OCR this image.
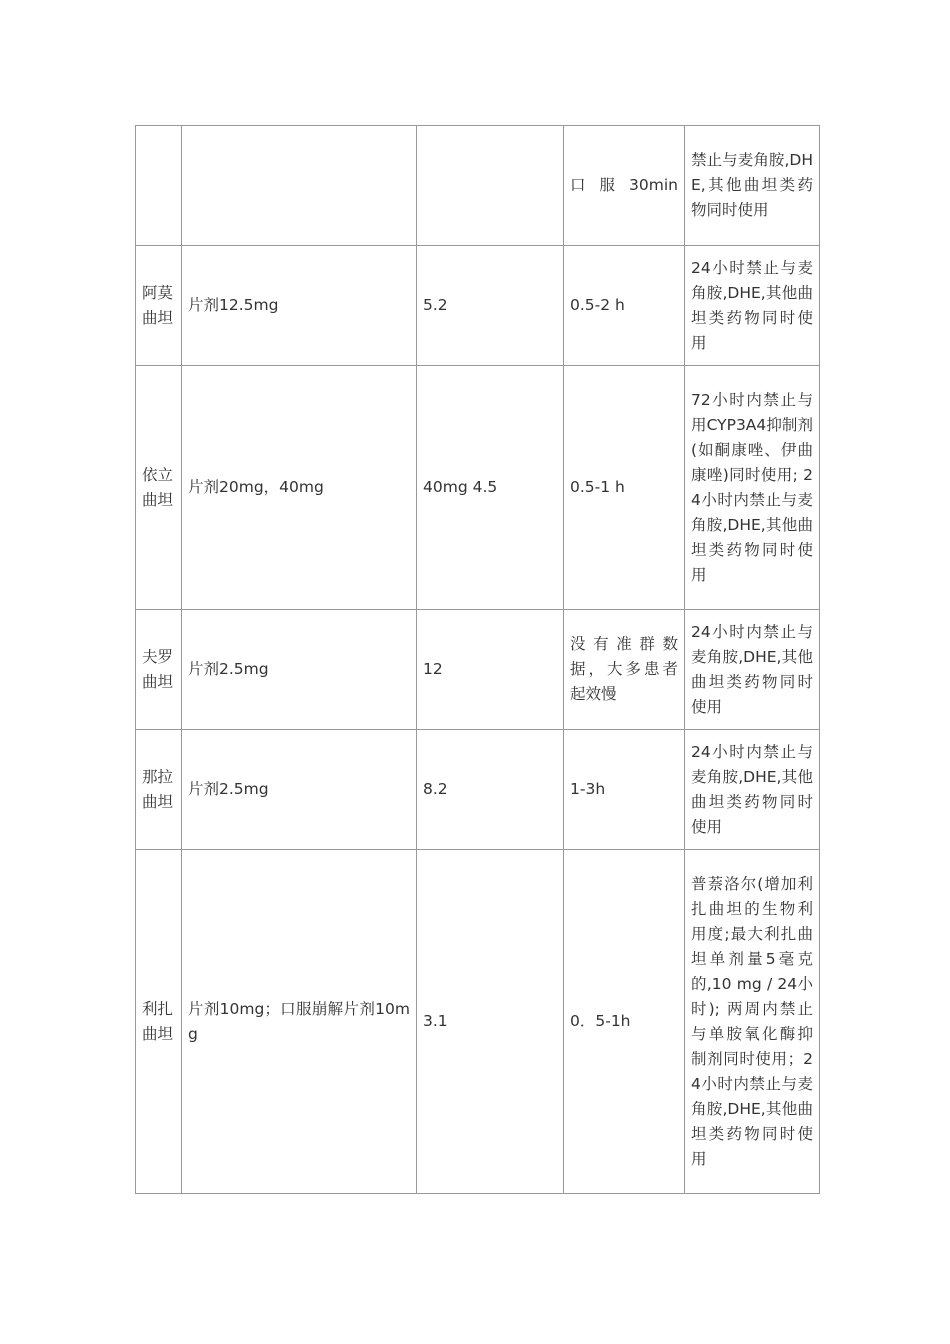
			口服30min	禁止与麦角胺,DHE,其他曲坦类药物同时使用
阿莫曲坦	片剂12.5mg	5.2	0.5-2 h	24小时禁止与麦角胺,DHE,其他曲坦类药物同时使用
依立曲坦	片剂20mg，40mg	40mg 4.5	0.5-1 h	72小时内禁止与用CYP3A4抑制剂(如酮康唑、伊曲康唑)同时使用; 24小时内禁止与麦角胺,DHE,其他曲坦类药物同时使用
夫罗曲坦	片剂2.5mg	12	没有准群数据，大多患者起效慢	24小时内禁止与麦角胺,DHE,其他曲坦类药物同时使用
那拉曲坦	片剂2.5mg	8.2	1-3h	24小时内禁止与麦角胺,DHE,其他曲坦类药物同时使用
利扎曲坦	片剂10mg；口服崩解片剂10mg	3.1	0．5-1h	普萘洛尔(增加利扎曲坦的生物利用度;最大利扎曲坦单剂量5毫克的,10 mg / 24小时); 两周内禁止与单胺氧化酶抑制剂同时使用；24小时内禁止与麦角胺,DHE,其他曲坦类药物同时使用
